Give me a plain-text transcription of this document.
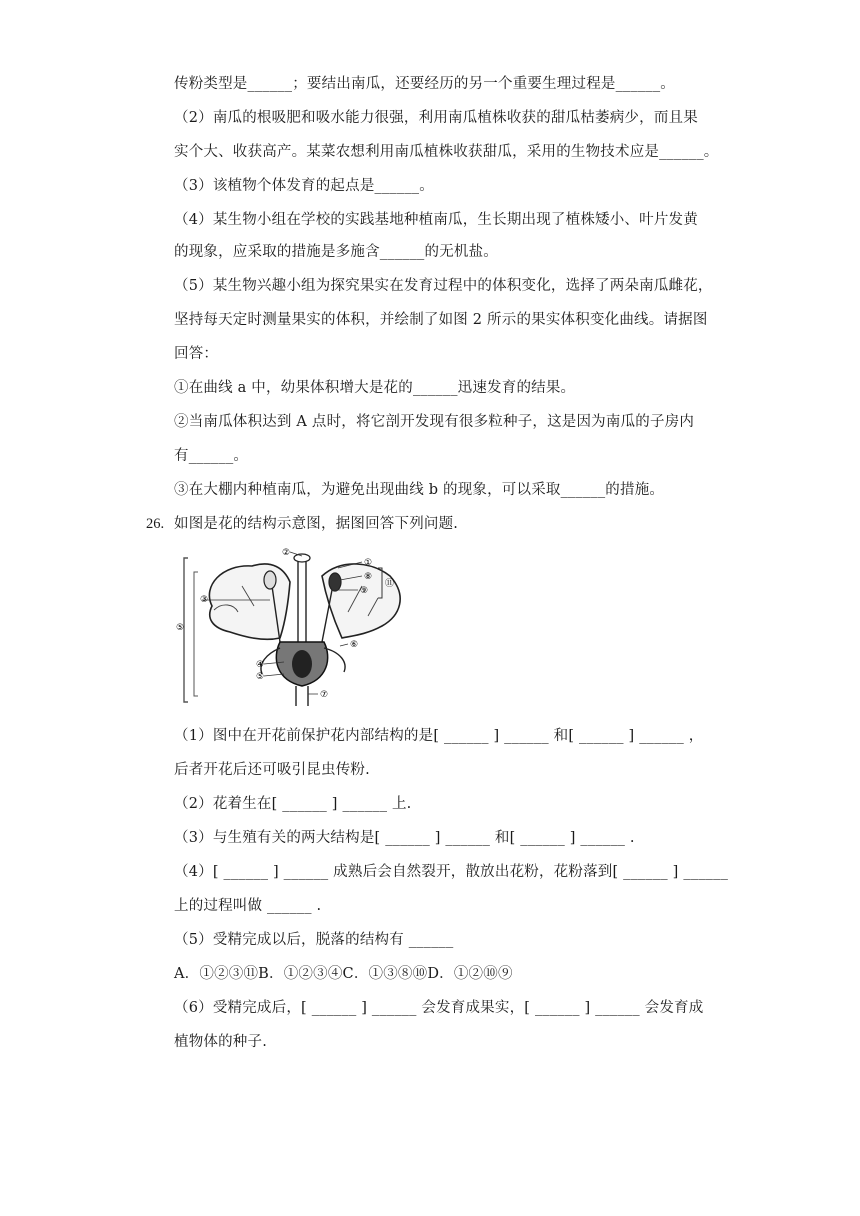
传粉类型是______；要结出南瓜，还要经历的另一个重要生理过程是______。
（2）南瓜的根吸肥和吸水能力很强，利用南瓜植株收获的甜瓜枯萎病少，而且果
实个大、收获高产。某菜农想利用南瓜植株收获甜瓜，采用的生物技术应是______。
（3）该植物个体发育的起点是______。
（4）某生物小组在学校的实践基地种植南瓜，生长期出现了植株矮小、叶片发黄
的现象，应采取的措施是多施含______的无机盐。
（5）某生物兴趣小组为探究果实在发育过程中的体积变化，选择了两朵南瓜雌花，
坚持每天定时测量果实的体积，并绘制了如图 2 所示的果实体积变化曲线。请据图
回答：
①在曲线 a 中，幼果体积增大是花的______迅速发育的结果。
②当南瓜体积达到 A 点时，将它剖开发现有很多粒种子，这是因为南瓜的子房内
有______。
③在大棚内种植南瓜，为避免出现曲线 b 的现象，可以采取______的措施。
26. 如图是花的结构示意图，据图回答下列问题.
②
①
⑧
⑨
⑪
③
⑤
④
⑤
⑥
⑦
（1）图中在开花前保护花内部结构的是[ ______ ] ______ 和[ ______ ] ______ ，
后者开花后还可吸引昆虫传粉.
（2）花着生在[ ______ ] ______ 上.
（3）与生殖有关的两大结构是[ ______ ] ______ 和[ ______ ] ______ .
（4）[ ______ ] ______ 成熟后会自然裂开，散放出花粉，花粉落到[ ______ ] ______
上的过程叫做 ______ .
（5）受精完成以后，脱落的结构有 ______
A．①②③⑪B．①②③④C．①③⑧⑩D．①②⑩⑨
（6）受精完成后，[ ______ ] ______ 会发育成果实，[ ______ ] ______ 会发育成
植物体的种子.
